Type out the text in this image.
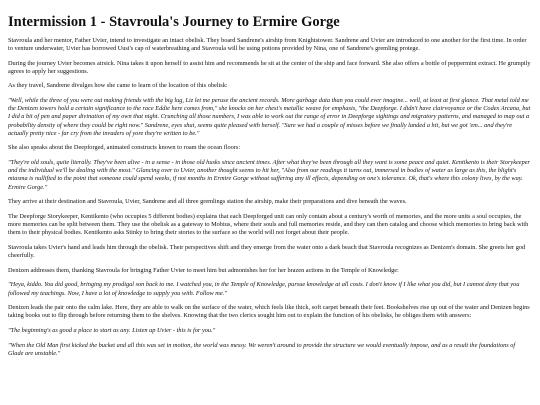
Intermission 1 - Stavroula's Journey to Ermire Gorge

Stavroula and her mentor, Father Uvier, intend to investigate an intact obelisk. They board Sandrene's airship from Knightstower. Sandrene and Uvier are introduced to one another for the first time. In order to venture underwater, Uvier has borrowed Uusi's cap of waterbreathing and Stavroula will be using potions provided by Nina, one of Sandrene's gremling protege.

During the journey Uvier becomes airsick. Nina takes it upon herself to assist him and recommends he sit at the center of the ship and face forward. She also offers a bottle of peppermint extract. He grumpily agrees to apply her suggestions.

As they travel, Sandrene divulges how she came to learn of the location of this obelisk:

"Well, while the three of you were out making friends with the big lug, Liz let me peruse the ancient records. More garbage data than you could ever imagine... well, at least at first glance. That metal told me the Denizen towers hold a certain significance to the race Eddie here comes from," she knocks on her chest's metallic weave for emphasis, "the Deepforge. I didn't have clairvoyance or the Codex Arcana, but I did a bit of pen and paper divination of my own that night. Crunching all those numbers, I was able to work out the range of error in Deepforge sightings and migratory patterns, and managed to map out a probability density of where they could be right now." Sandrene, eyes shut, seems quite pleased with herself. "Sure we had a couple of misses before we finally landed a hit, but we got 'em... and they're actually pretty nice - far cry from the invaders of yore they're written to be."

She also speaks about the Deepforged, animated constructs known to roam the ocean floors:

"They're old souls, quite literally. They've been alive - in a sense - in those old husks since ancient times. After what they've been through all they want is some peace and quiet. Kentikento is their Storykeeper and the individual we'll be dealing with the most." Glancing over to Uvier, another thought seems to hit her, "Also from our readings it turns out, immersed in bodies of water as large as this, the blight's miasma is nullified to the point that someone could spend weeks, if not months in Ermire Gorge without suffering any ill effects, depending on one's tolerance. Ok, that's where this colony lives, by the way. Ermire Gorge."

They arrive at their destination and Stavroula, Uvier, Sandrene and all three gremlings station the airship, make their preparations and dive beneath the waves.

The Deepforge Storykeeper, Kentikento (who occupies 5 different bodies) explains that each Deepforged unit can only contain about a century's worth of memories, and the more units a soul occupies, the more memories can be split between them. They use the obelisk as a gateway to Mobius, where their souls and full memories reside, and they can then catalog and choose which memories to bring back with them to their physical bodies. Kentikento asks Stinky to bring their stories to the surface so the world will not forget about their people.

Stavroula takes Uvier's hand and leads him through the obelisk. Their perspectives shift and they emerge from the water onto a dark beach that Stavroula recognizes as Denizen's domain. She greets her god cheerfully.

Denizen addresses them, thanking Stavroula for bringing Father Uvier to meet him but admonishes her for her brazen actions in the Temple of Knowledge:

"Heya, kiddo. You did good, bringing my prodigal son back to me. I watched you, in the Temple of Knowledge, pursue knowledge at all costs. I don't know if I like what you did, but I cannot deny that you followed my teachings. Now, I have a lot of knowledge to supply you with. Follow me."

Denizen leads the pair onto the calm lake. Here, they are able to walk on the surface of the water, which feels like thick, soft carpet beneath their feet. Bookshelves rise up out of the water and Denizen begins taking books out to flip through before returning them to the shelves. Knowing that the two clerics sought him out to explain the function of his obelisks, he obliges them with answers:

"The beginning's as good a place to start as any. Listen up Uvier - this is for you."

"When the Old Man first kicked the bucket and all this was set in motion, the world was messy. We weren't around to provide the structure we would eventually impose, and as a result the foundations of Glade are unstable."
